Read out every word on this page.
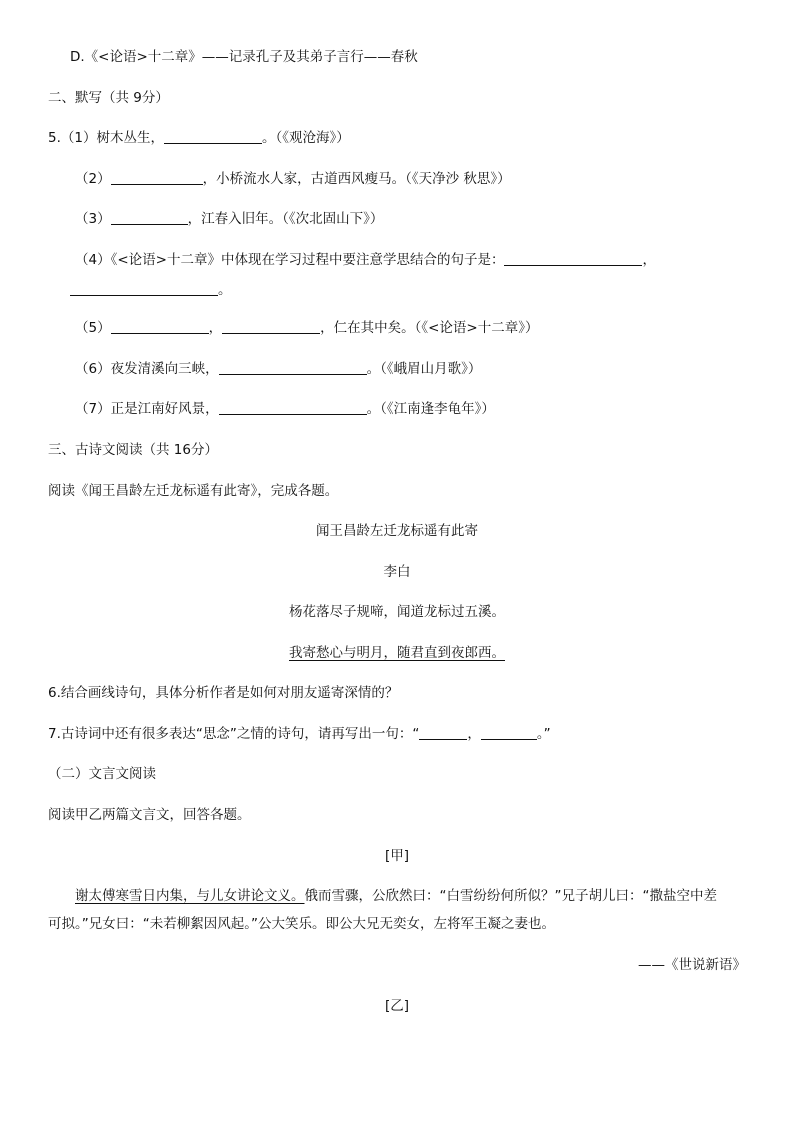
D.《<论语>十二章》——记录孔子及其弟子言行——春秋
二、默写（共 9分）
5.（1）树木丛生，	。（《观沧海》）
（2）	，小桥流水人家，古道西风瘦马。（《天净沙 秋思》）
（3）	，江春入旧年。（《次北固山下》）
（4）《<论语>十二章》中体现在学习过程中要注意学思结合的句子是：	，
。
（5）	，	，仁在其中矣。（《<论语>十二章》）
（6）夜发清溪向三峡，	。（《峨眉山月歌》）
（7）正是江南好风景，	。（《江南逢李龟年》）
三、古诗文阅读（共 16分）
阅读《闻王昌龄左迁龙标遥有此寄》，完成各题。
闻王昌龄左迁龙标遥有此寄
李白
杨花落尽子规啼，闻道龙标过五溪。
我寄愁心与明月，随君直到夜郎西。
6.结合画线诗句，具体分析作者是如何对朋友遥寄深情的？
7.古诗词中还有很多表达“思念”之情的诗句，请再写出一句：“	，	。”
（二）文言文阅读
阅读甲乙两篇文言文，回答各题。
[甲]
谢太傅寒雪日内集，与儿女讲论文义。俄而雪骤，公欣然曰：“白雪纷纷何所似？”兄子胡儿曰：“撒盐空中差
可拟。”兄女曰：“未若柳絮因风起。”公大笑乐。即公大兄无奕女，左将军王凝之妻也。
——《世说新语》
[乙]
